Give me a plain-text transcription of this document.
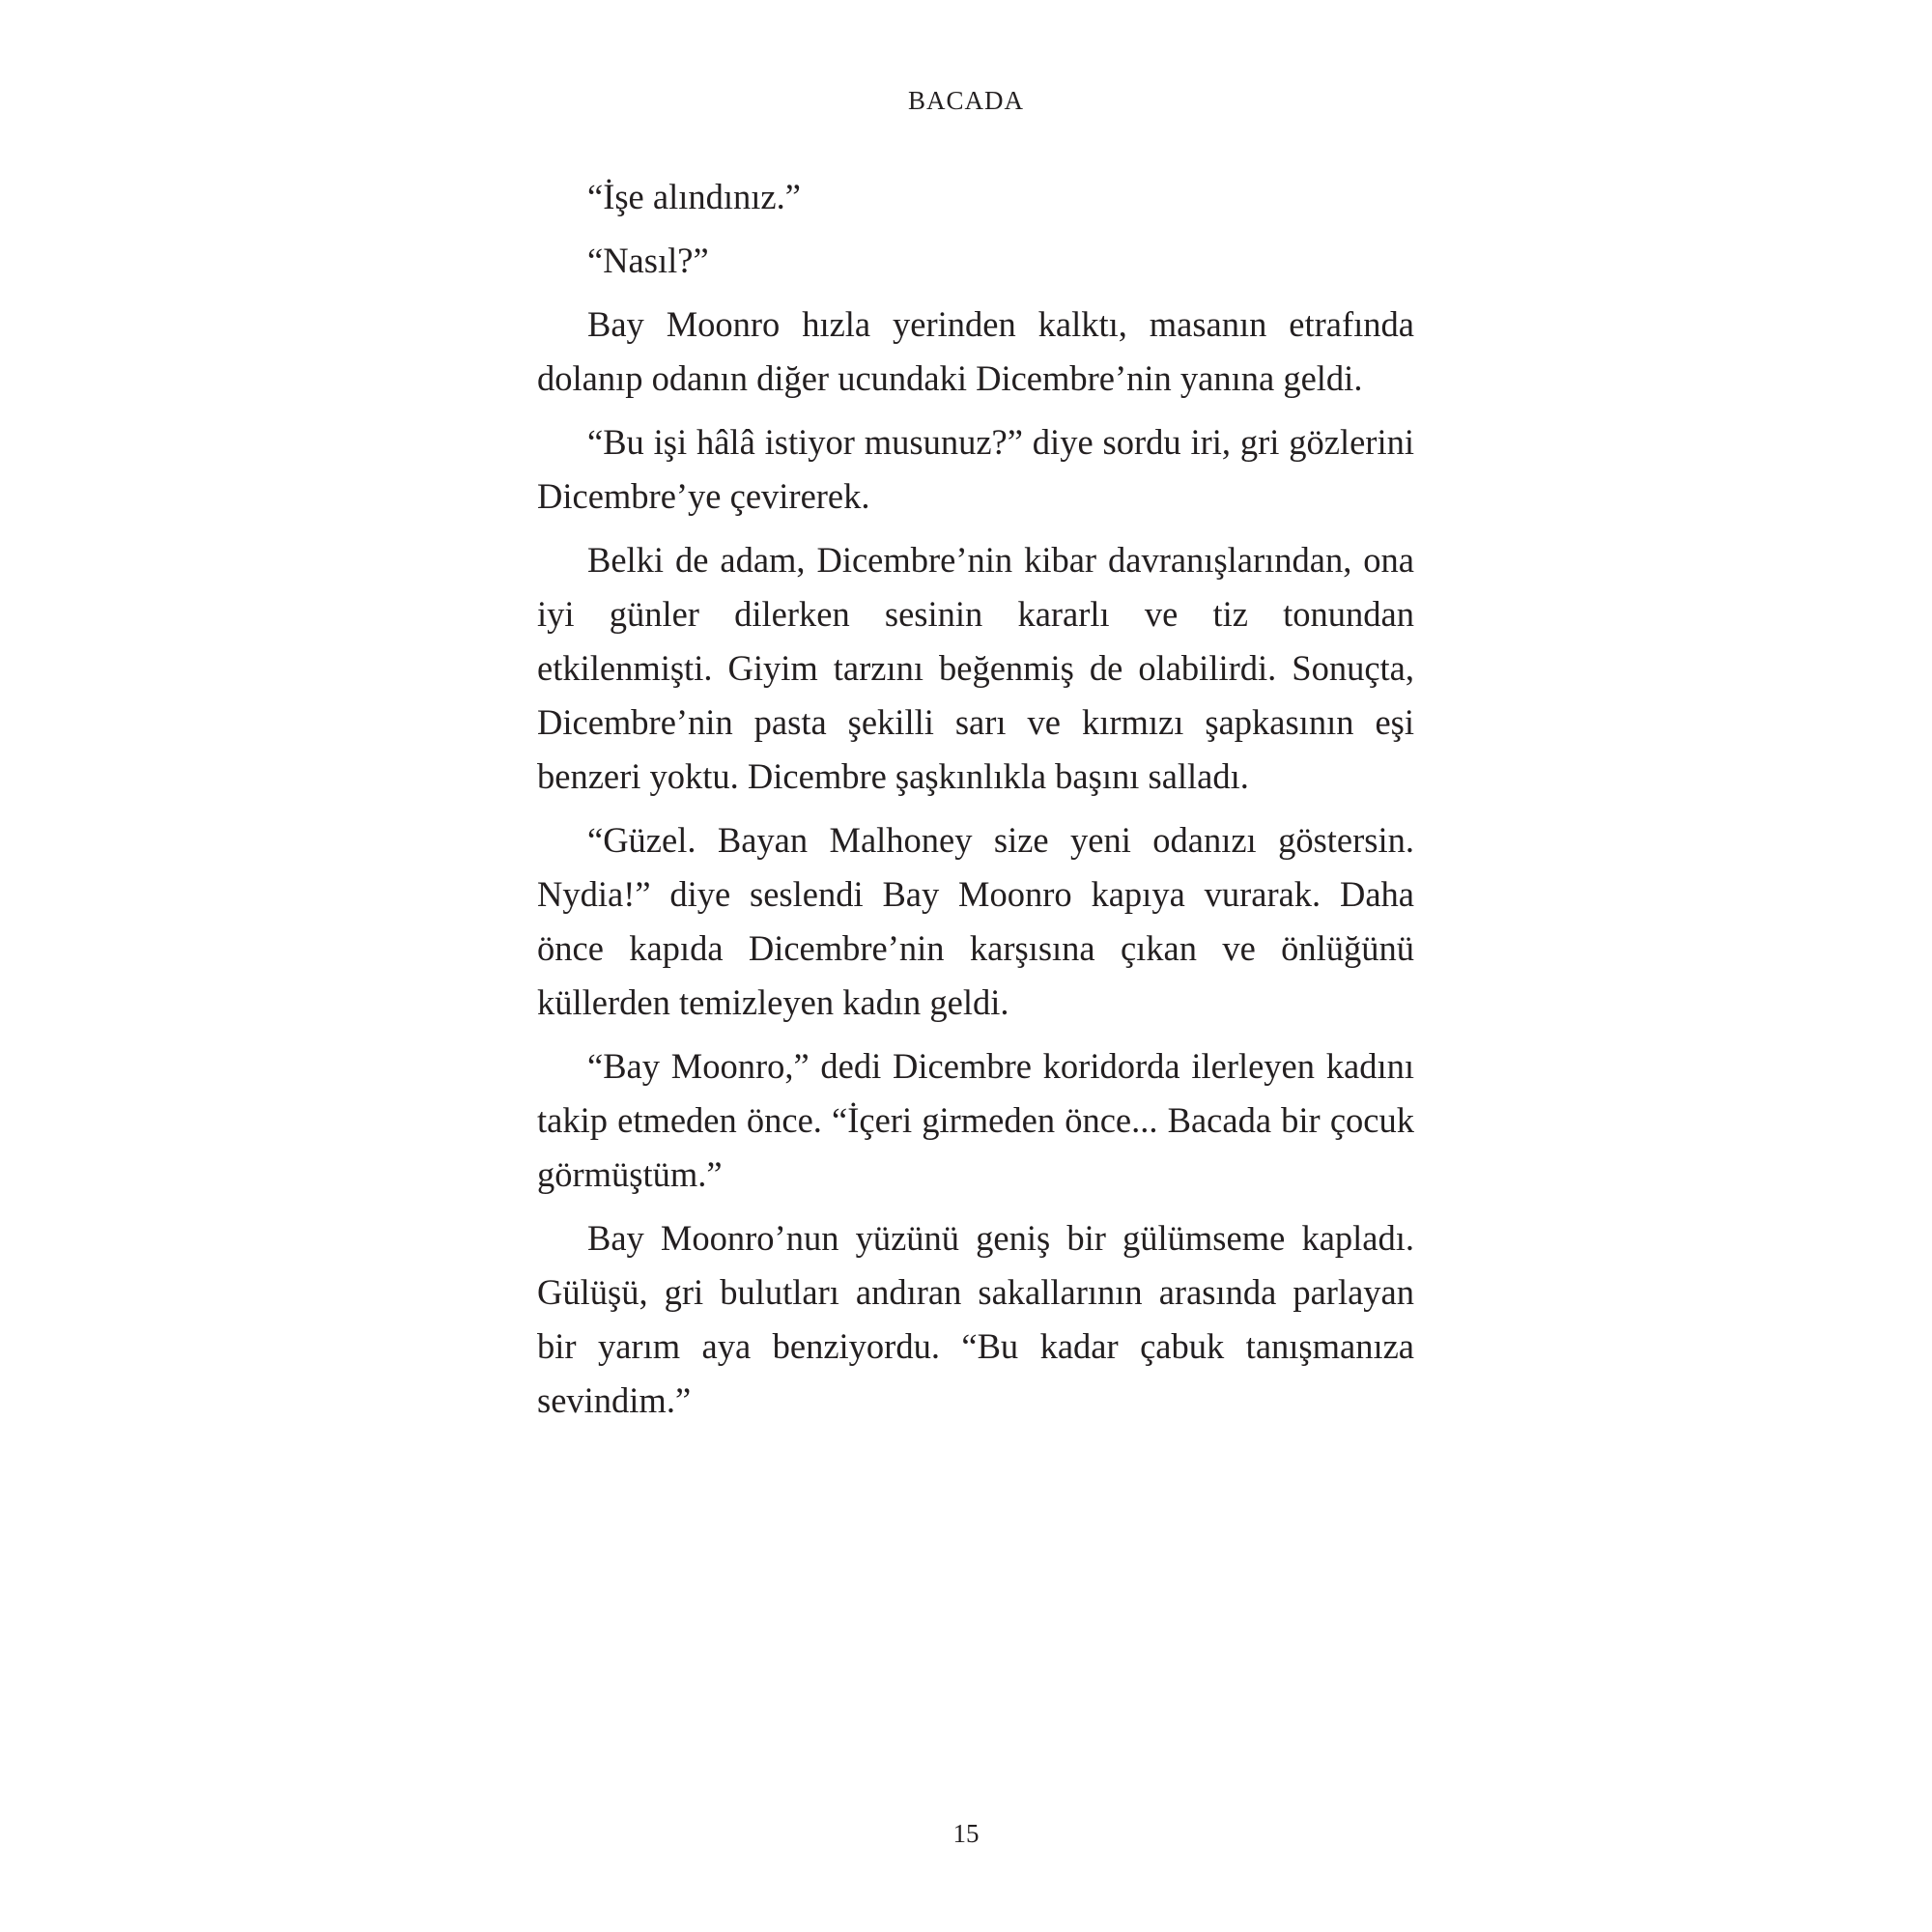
BACADA

“İşe alındınız.”

“Nasıl?”

Bay Moonro hızla yerinden kalktı, masanın etrafında dolanıp odanın diğer ucundaki Dicembre’nin yanına geldi.

“Bu işi hâlâ istiyor musunuz?” diye sordu iri, gri gözlerini Dicembre’ye çevirerek.

Belki de adam, Dicembre’nin kibar davranışlarından, ona iyi günler dilerken sesinin kararlı ve tiz tonundan etkilenmişti. Giyim tarzını beğenmiş de olabilirdi. Sonuçta, Dicembre’nin pasta şekilli sarı ve kırmızı şapkasının eşi benzeri yoktu. Dicembre şaşkınlıkla başını salladı.

“Güzel. Bayan Malhoney size yeni odanızı göstersin. Nydia!” diye seslendi Bay Moonro kapıya vurarak. Daha önce kapıda Dicembre’nin karşısına çıkan ve önlüğünü küllerden temizleyen kadın geldi.

“Bay Moonro,” dedi Dicembre koridorda ilerleyen kadını takip etmeden önce. “İçeri girmeden önce... Bacada bir çocuk görmüştüm.”

Bay Moonro’nun yüzünü geniş bir gülümseme kapladı. Gülüşü, gri bulutları andıran sakallarının arasında parlayan bir yarım aya benziyordu. “Bu kadar çabuk tanışmanıza sevindim.”

15
